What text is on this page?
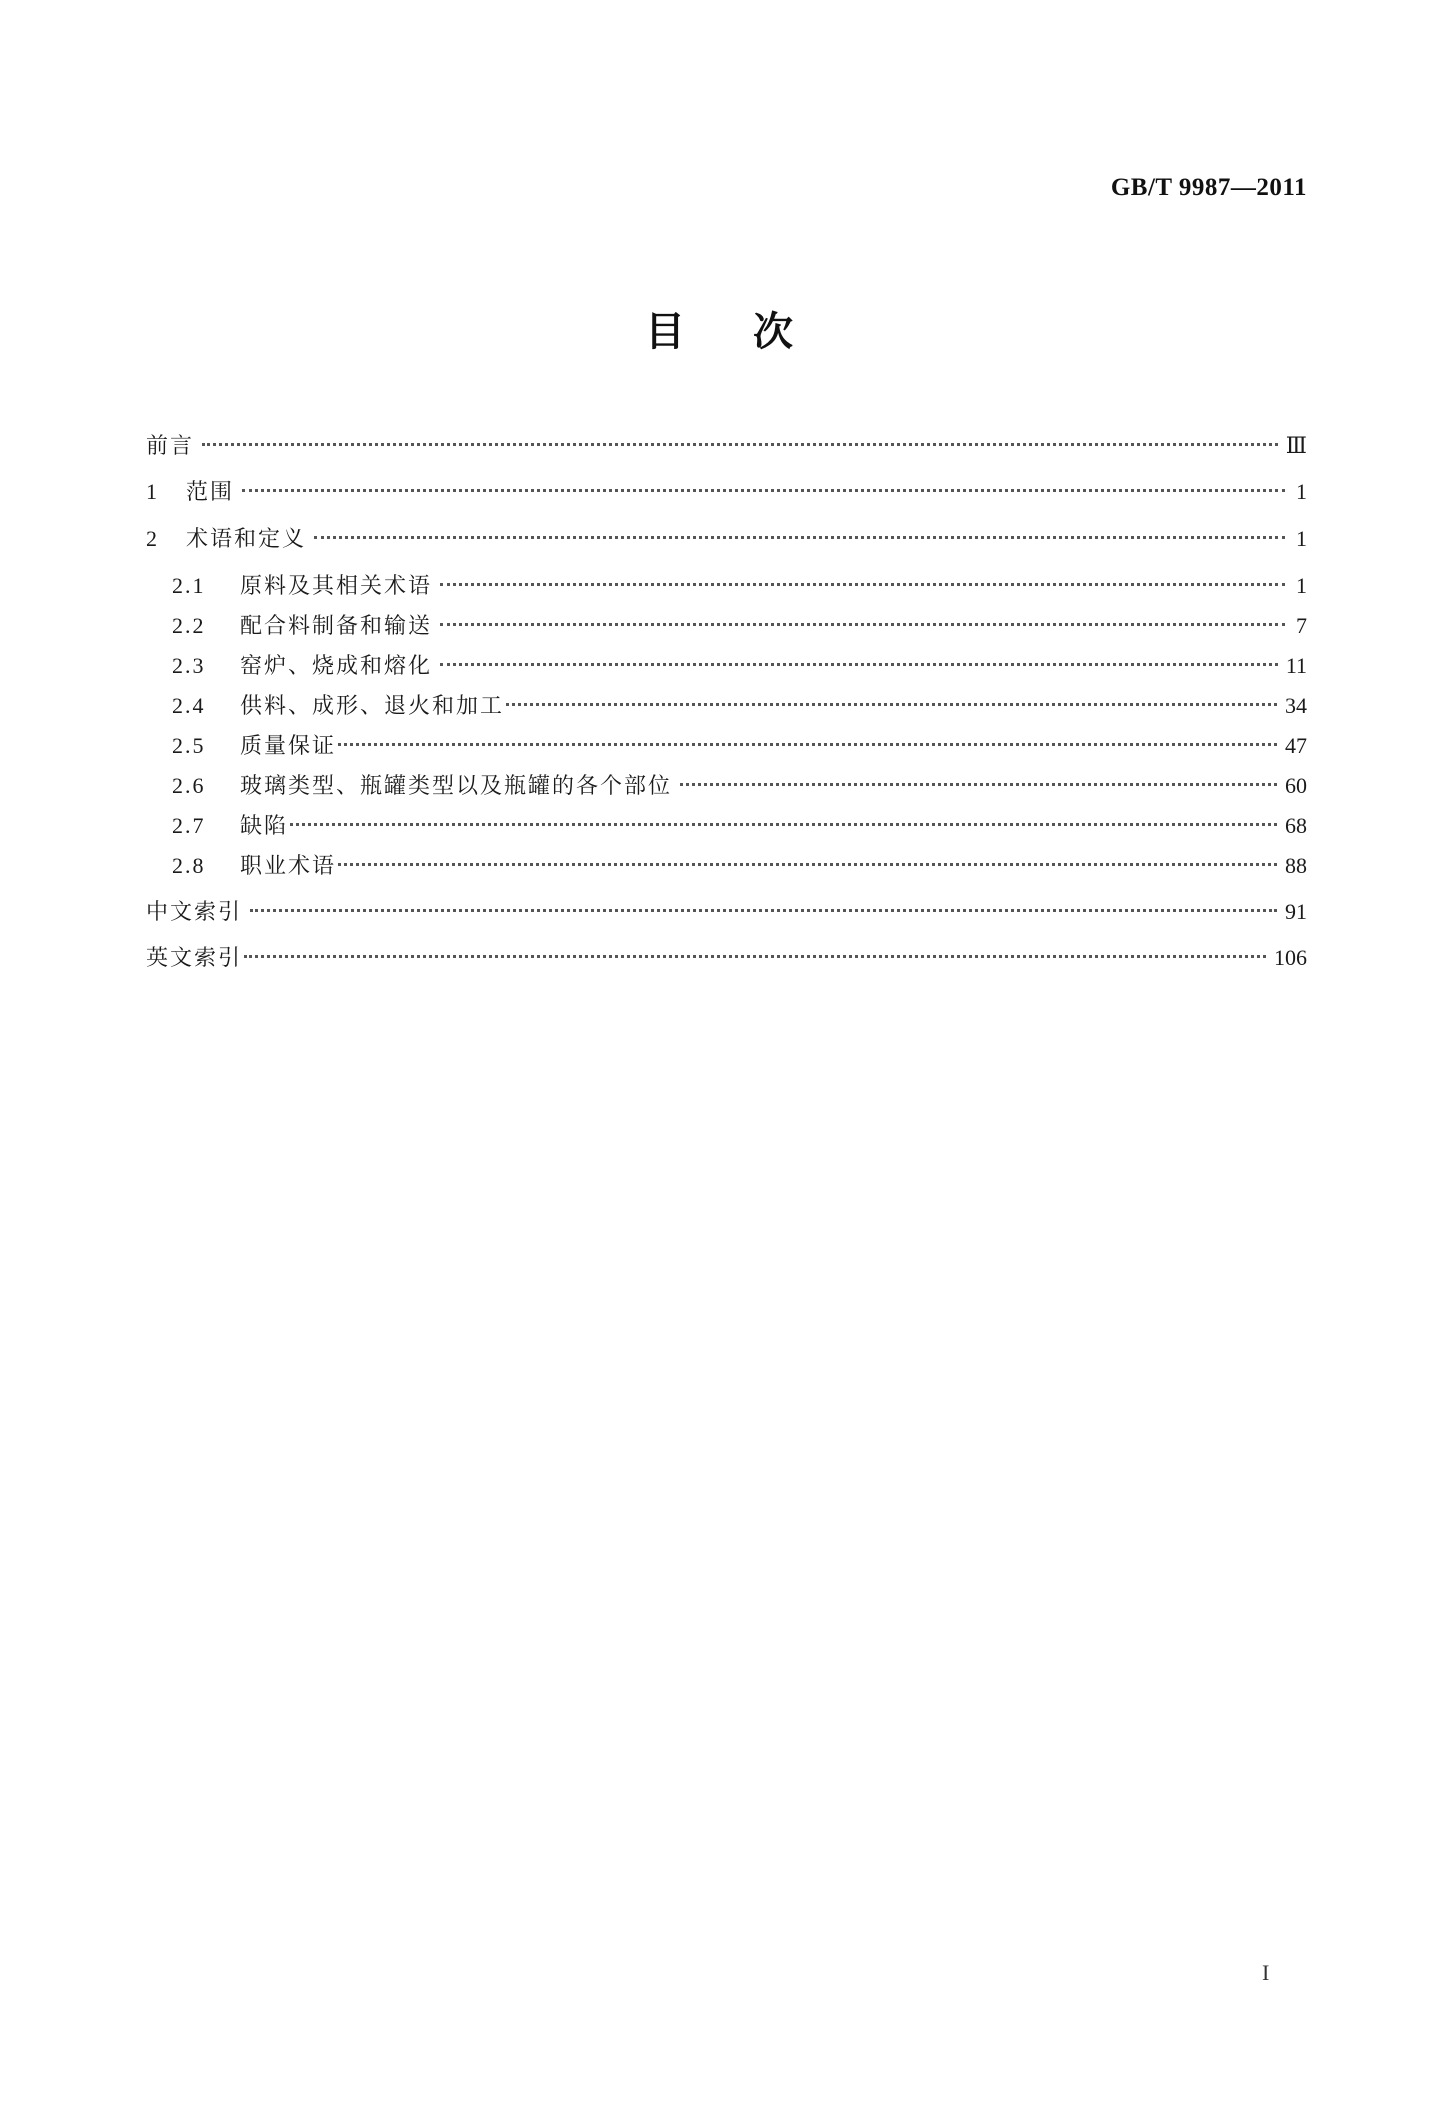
GB/T 9987—2011
目次
前言	Ⅲ
1	范围	1
2	术语和定义	1
2.1	原料及其相关术语	1
2.2	配合料制备和输送	7
2.3	窑炉、烧成和熔化	11
2.4	供料、成形、退火和加工	34
2.5	质量保证	47
2.6	玻璃类型、瓶罐类型以及瓶罐的各个部位	60
2.7	缺陷	68
2.8	职业术语	88
中文索引	91
英文索引	106
I
